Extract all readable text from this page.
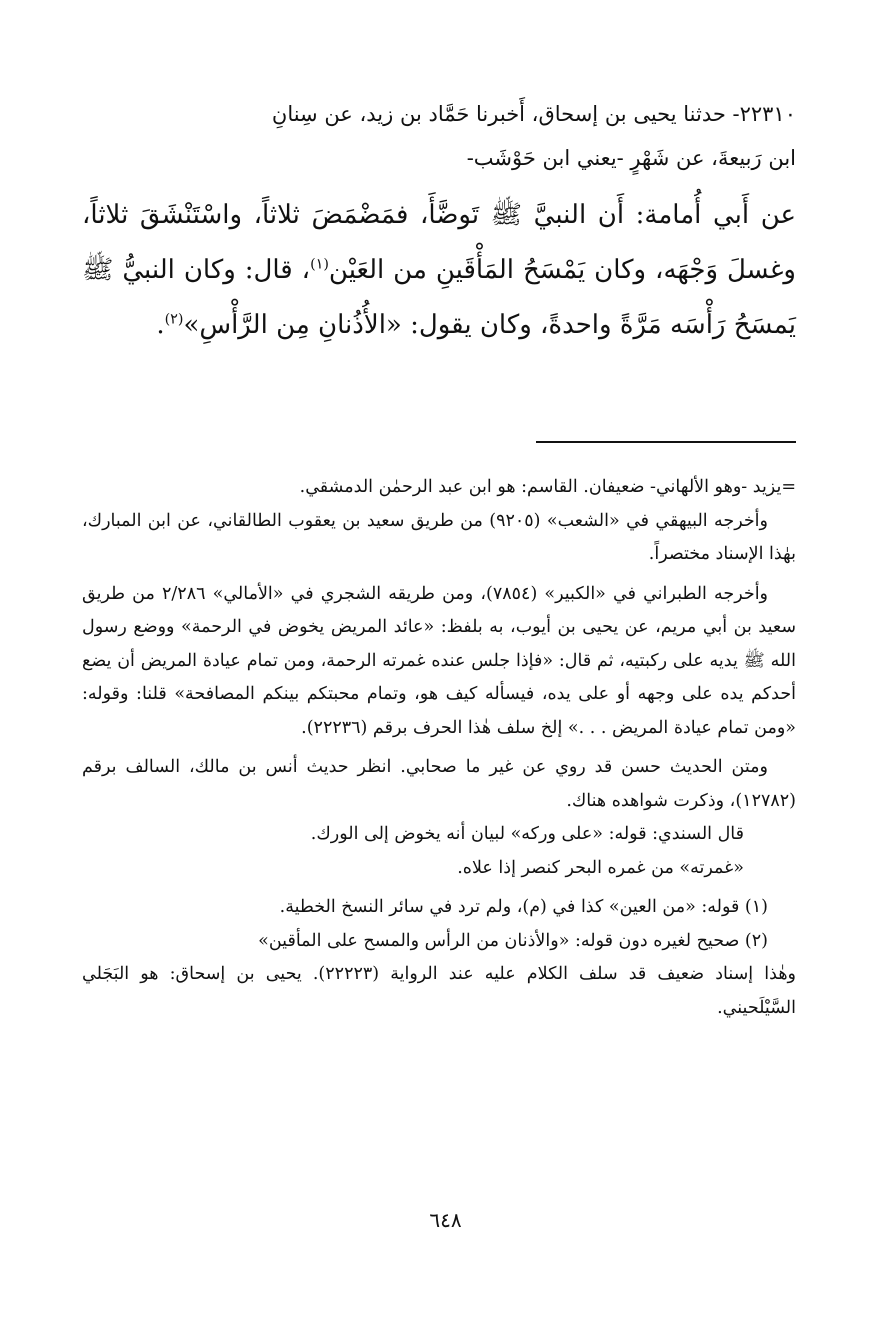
٢٢٣١٠- حدثنا يحيى بن إسحاق، أَخبرنا حَمَّاد بن زيد، عن سِنانِ

ابن رَبيعةَ، عن شَهْرٍ -يعني ابن حَوْشَب-

عن أَبي أُمامة: أَن النبيَّ ﷺ تَوضَّأَ، فمَضْمَضَ ثلاثاً، واسْتَنْشَقَ ثلاثاً، وغسلَ وَجْهَه، وكان يَمْسَحُ المَأْقَينِ من العَيْن$^{(١)}$، قال: وكان النبيُّ ﷺ يَمسَحُ رَأْسَه مَرَّةً واحدةً، وكان يقول: «الأُذُنانِ مِن الرَّأْسِ»$^{(٢)}$.

=يزيد -وهو الألهاني- ضعيفان. القاسم: هو ابن عبد الرحمٰن الدمشقي.

وأخرجه البيهقي في «الشعب» (٩٢٠٥) من طريق سعيد بن يعقوب الطالقاني، عن ابن المبارك، بهٰذا الإسناد مختصراً.

وأخرجه الطبراني في «الكبير» (٧٨٥٤)، ومن طريقه الشجري في «الأمالي» ٢/٢٨٦ من طريق سعيد بن أبي مريم، عن يحيى بن أيوب، به بلفظ: «عائد المريض يخوض في الرحمة» ووضع رسول الله ﷺ يديه على ركبتيه، ثم قال: «فإذا جلس عنده غمرته الرحمة، ومن تمام عيادة المريض أن يضع أحدكم يده على وجهه أو على يده، فيسأله كيف هو، وتمام محبتكم بينكم المصافحة» قلنا: وقوله: «ومن تمام عيادة المريض . . .» إلخ سلف هٰذا الحرف برقم (٢٢٢٣٦).

ومتن الحديث حسن قد روي عن غير ما صحابي. انظر حديث أنس بن مالك، السالف برقم (١٢٧٨٢)، وذكرت شواهده هناك.

قال السندي: قوله: «على وركه» لبيان أنه يخوض إلى الورك.

«غمرته» من غمره البحر كنصر إذا علاه.

(١) قوله: «من العين» كذا في (م)، ولم ترد في سائر النسخ الخطية.

(٢) صحيح لغيره دون قوله: «والأذنان من الرأس والمسح على المأقين»

وهٰذا إسناد ضعيف قد سلف الكلام عليه عند الرواية (٢٢٢٢٣). يحيى بن إسحاق: هو البَجَلي السَّيْلَحيني.

٦٤٨
